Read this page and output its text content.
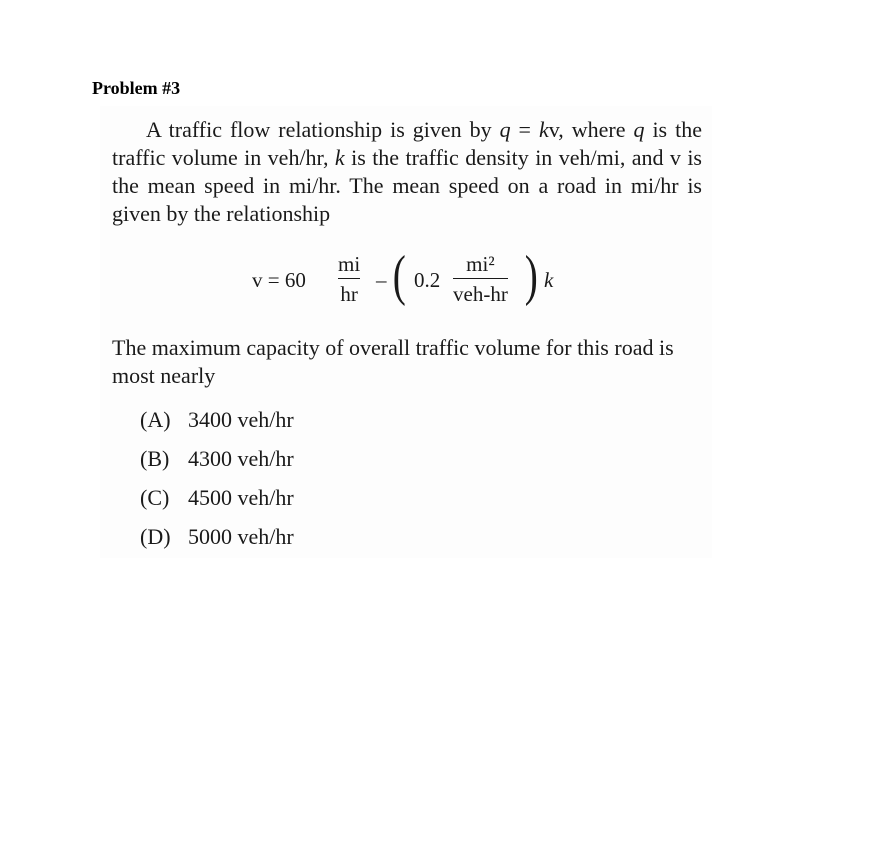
Problem #3
A traffic flow relationship is given by q = kv, where q is the traffic volume in veh/hr, k is the traffic density in veh/mi, and v is the mean speed in mi/hr. The mean speed on a road in mi/hr is given by the relationship
v = 60
mi
hr
– ( 0.2
mi²
veh-hr ) k
The maximum capacity of overall traffic volume for this road is most nearly
(A) 3400 veh/hr
(B) 4300 veh/hr
(C) 4500 veh/hr
(D) 5000 veh/hr
